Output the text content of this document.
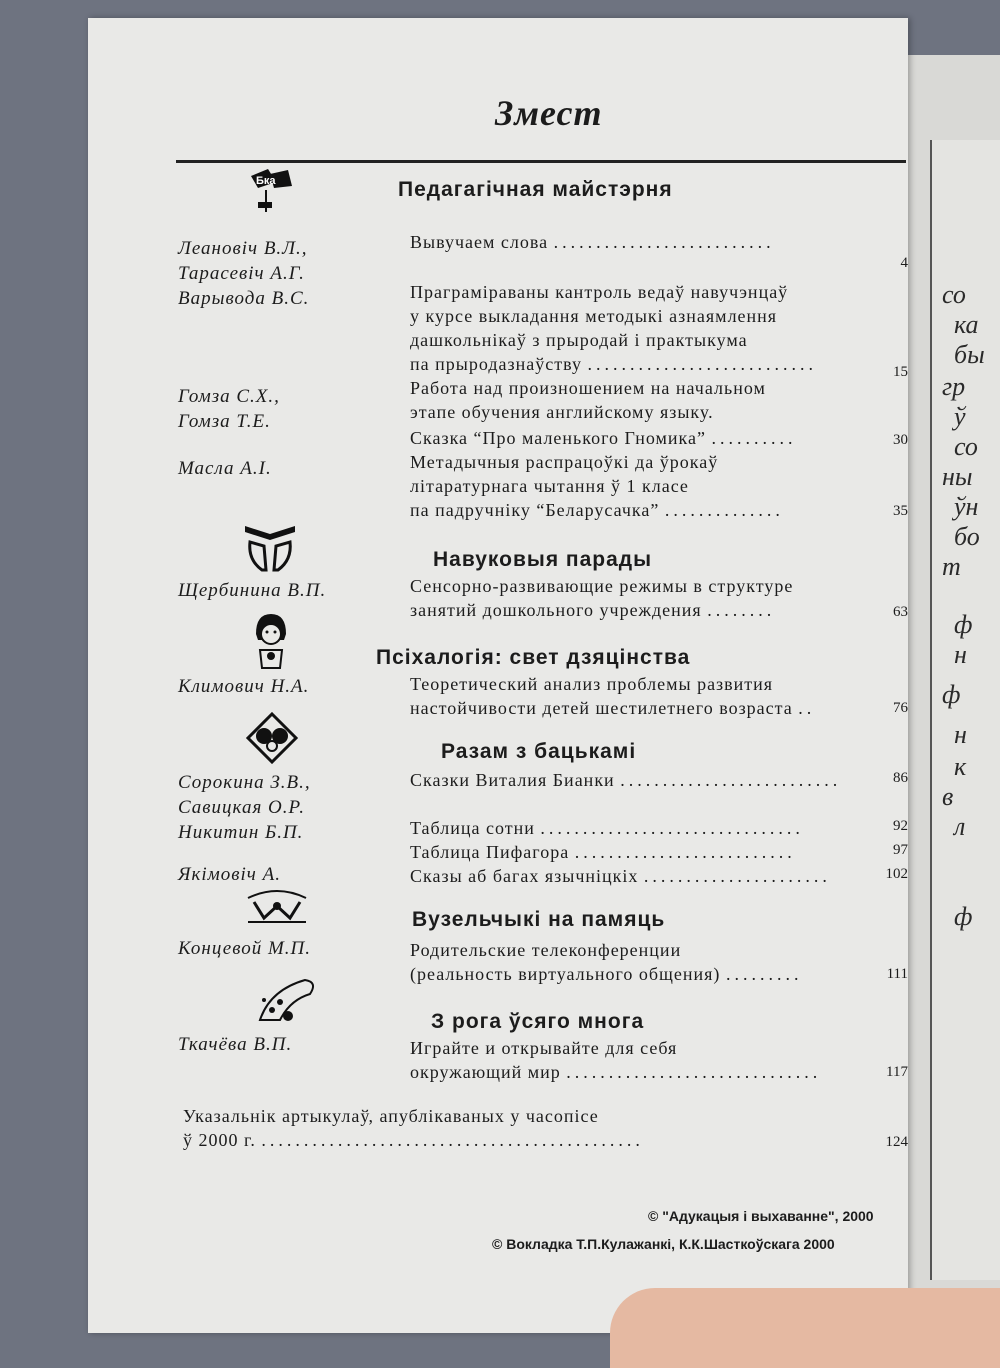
со
ка
бы
гр
ў
со
ны
ўн
бо
т
ф
н
ф
н
к
в
л
ф
Змест
Бка	Педагагічная майстэрня
Навуковыя парады
Псіхалогія: свет дзяцінства
Разам з бацькамі
Вузельчыкі на памяць
З рога ўсяго многа
Леановіч В.Л.,
Тарасевіч А.Г.
Варывода В.С.
Гомза С.Х.,
Гомза Т.Е.
Масла А.І.
Щербинина В.П.
Климович Н.А.
Сорокина З.В.,
Савицкая О.Р.
Никитин Б.П.
Якімовіч А.
Концевой М.П.
Ткачёва В.П.
Вывучаем слова ..........................
Праграміраваны кантроль ведаў навучэнцаў
у курсе выкладання методыкі азнаямлення
дашкольнікаў з прыродай і практыкума
па прыродазнаўству ...........................
Работа над произношением на начальном
этапе обучения английскому языку.
Сказка “Про маленького Гномика” ..........
Метадычныя распрацоўкі да ўрокаў
літаратурнага чытання ў 1 класе
па падручніку “Беларусачка” ..............
Сенсорно-развивающие режимы в структуре
занятий дошкольного учреждения ........
Теоретический анализ проблемы развития
настойчивости детей шестилетнего возраста ..
Сказки Виталия Бианки ..........................
Таблица сотни ...............................
Таблица Пифагора ..........................
Сказы аб багах язычніцкіх ......................
Родительские телеконференции
(реальность виртуального общения) .........
Играйте и открывайте для себя
окружающий мир ..............................
4
15
30
35
63
76
86
92
97
102
111
117
124
Указальнік артыкулаў, апублікаваных у часопісе
ў 2000 г. .............................................
© "Адукацыя і выхаванне", 2000
© Вокладка Т.П.Кулажанкі, К.К.Шасткоўскага 2000
